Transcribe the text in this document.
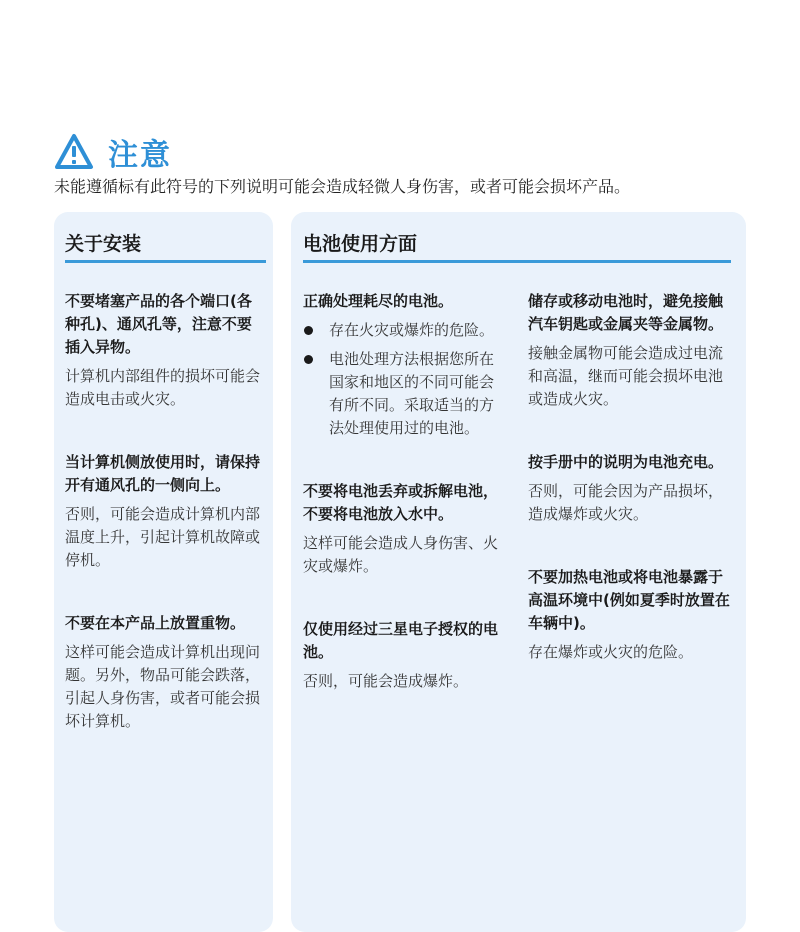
注意
未能遵循标有此符号的下列说明可能会造成轻微人身伤害，或者可能会损坏产品。
关于安装
不要堵塞产品的各个端口(各种孔)、通风孔等，注意不要插入异物。
计算机内部组件的损坏可能会造成电击或火灾。
当计算机侧放使用时，请保持开有通风孔的一侧向上。
否则，可能会造成计算机内部温度上升，引起计算机故障或停机。
不要在本产品上放置重物。
这样可能会造成计算机出现问题。另外，物品可能会跌落，引起人身伤害，或者可能会损坏计算机。
电池使用方面
正确处理耗尽的电池。
存在火灾或爆炸的危险。
电池处理方法根据您所在国家和地区的不同可能会有所不同。采取适当的方法处理使用过的电池。
不要将电池丢弃或拆解电池，不要将电池放入水中。
这样可能会造成人身伤害、火灾或爆炸。
仅使用经过三星电子授权的电池。
否则，可能会造成爆炸。
储存或移动电池时，避免接触汽车钥匙或金属夹等金属物。
接触金属物可能会造成过电流和高温，继而可能会损坏电池或造成火灾。
按手册中的说明为电池充电。
否则，可能会因为产品损坏，造成爆炸或火灾。
不要加热电池或将电池暴露于高温环境中(例如夏季时放置在车辆中)。
存在爆炸或火灾的危险。
